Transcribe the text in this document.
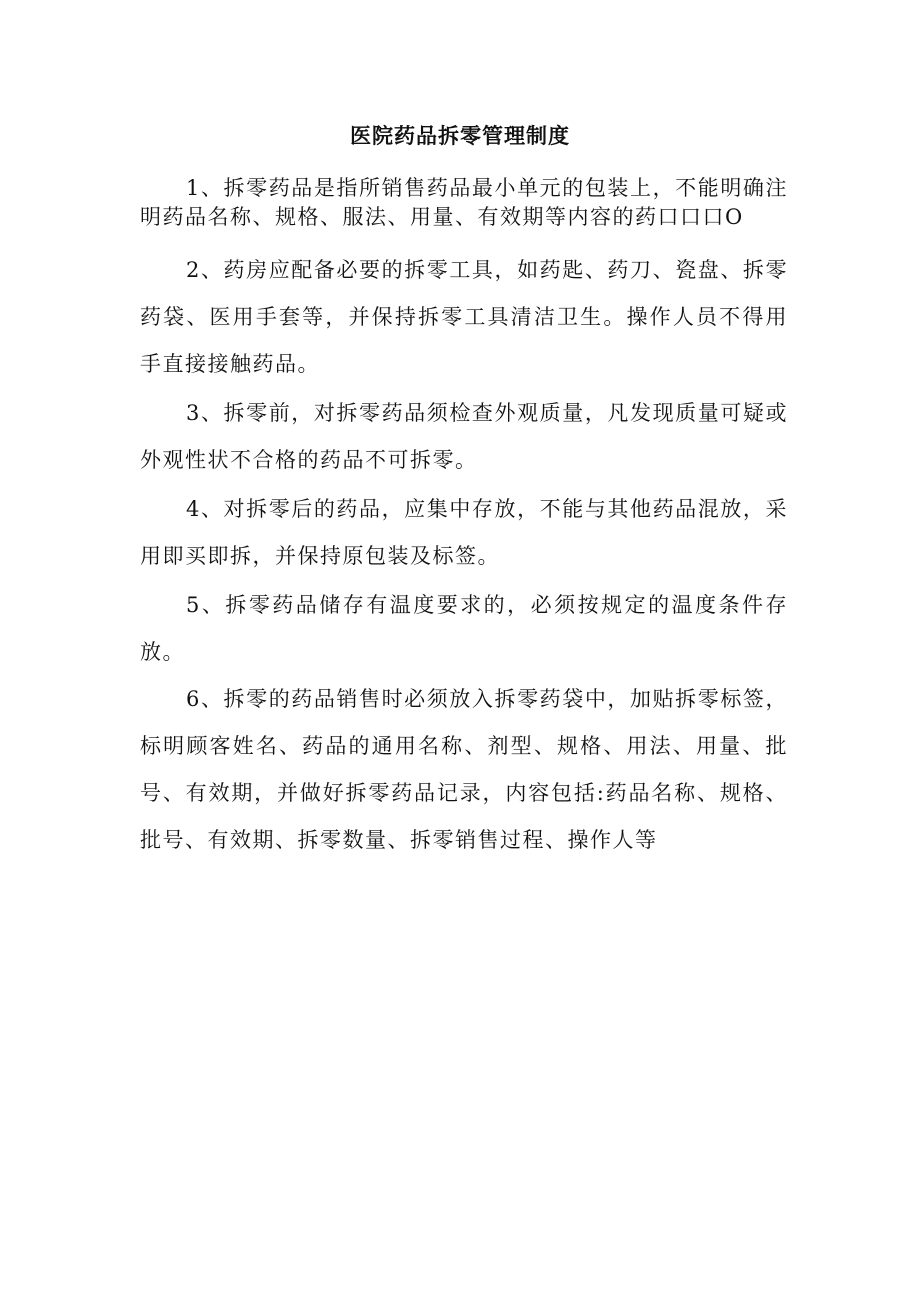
医院药品拆零管理制度

1、拆零药品是指所销售药品最小单元的包装上，不能明确注明药品名称、规格、服法、用量、有效期等内容的药口口口O

2、药房应配备必要的拆零工具，如药匙、药刀、瓷盘、拆零药袋、医用手套等，并保持拆零工具清洁卫生。操作人员不得用手直接接触药品。

3、拆零前，对拆零药品须检查外观质量，凡发现质量可疑或外观性状不合格的药品不可拆零。

4、对拆零后的药品，应集中存放，不能与其他药品混放，采用即买即拆，并保持原包装及标签。

5、拆零药品储存有温度要求的，必须按规定的温度条件存放。

6、拆零的药品销售时必须放入拆零药袋中，加贴拆零标签，标明顾客姓名、药品的通用名称、剂型、规格、用法、用量、批号、有效期，并做好拆零药品记录，内容包括:药品名称、规格、批号、有效期、拆零数量、拆零销售过程、操作人等
